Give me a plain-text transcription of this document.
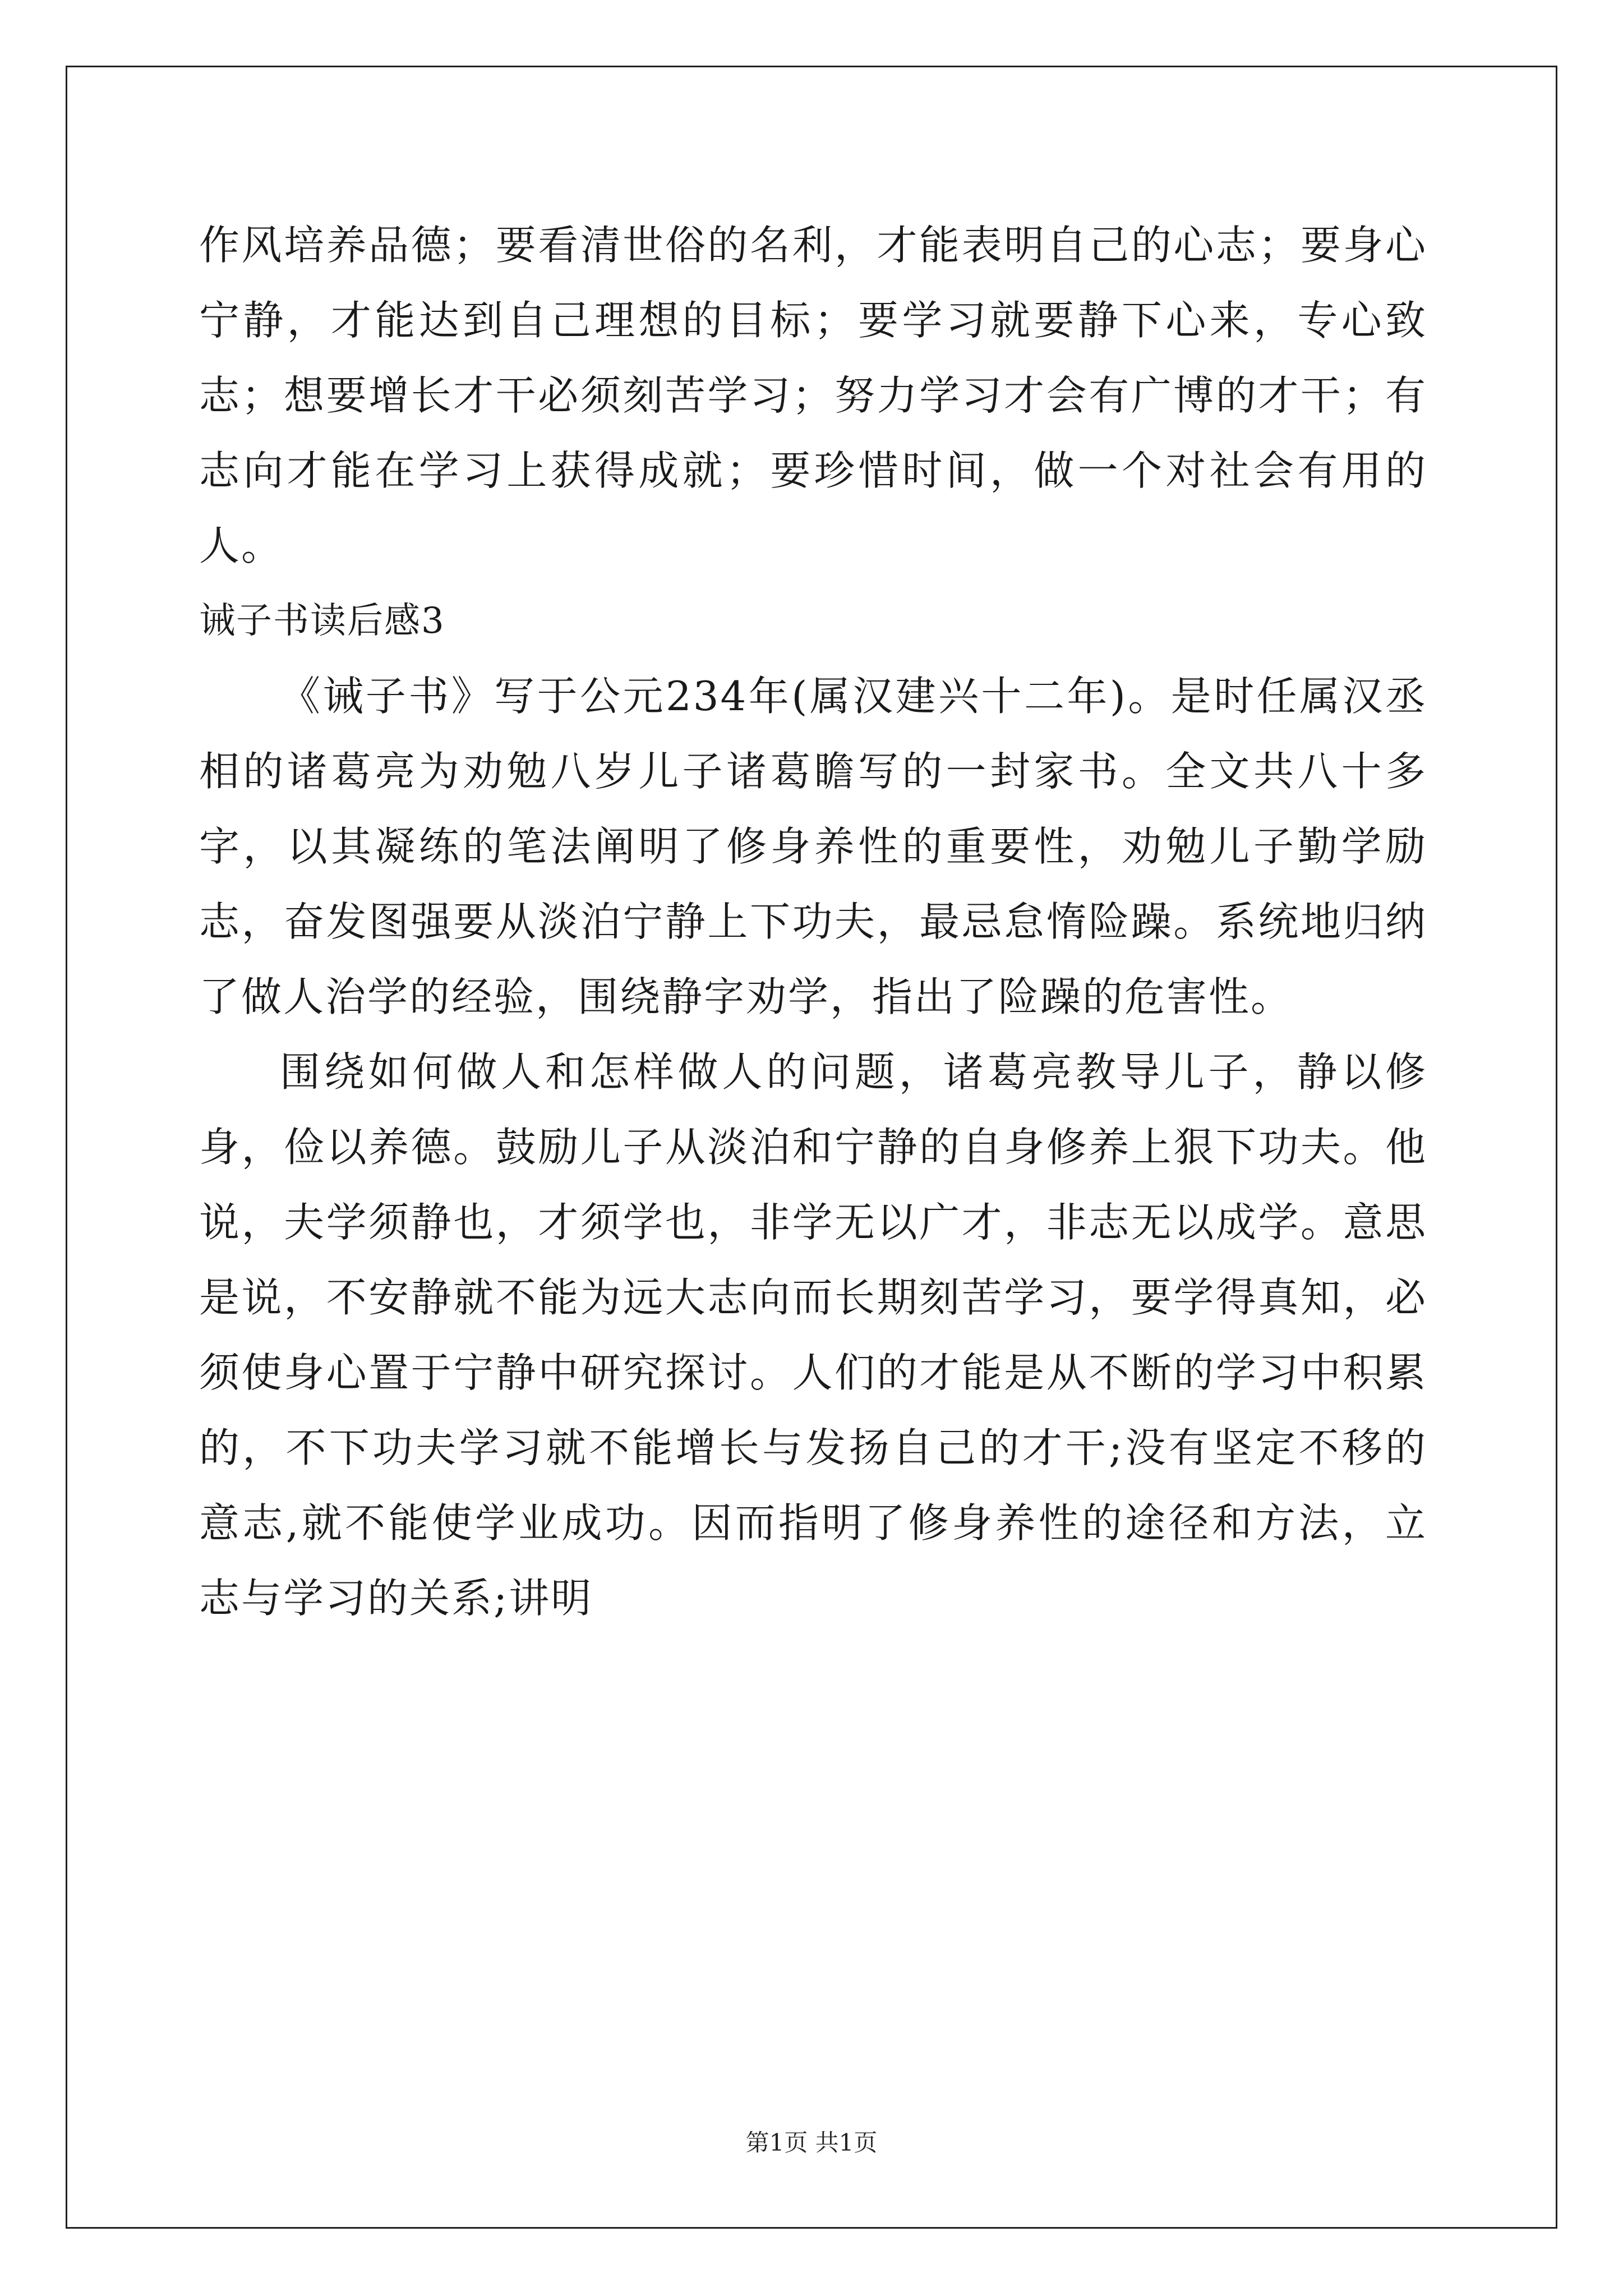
作风培养品德；要看清世俗的名利，才能表明自己的心志；要身心宁静，才能达到自己理想的目标；要学习就要静下心来，专心致志；想要增长才干必须刻苦学习；努力学习才会有广博的才干；有志向才能在学习上获得成就；要珍惜时间，做一个对社会有用的人。

诫子书读后感3

《诫子书》写于公元234年(属汉建兴十二年)。是时任属汉丞相的诸葛亮为劝勉八岁儿子诸葛瞻写的一封家书。全文共八十多字，以其凝练的笔法阐明了修身养性的重要性，劝勉儿子勤学励志，奋发图强要从淡泊宁静上下功夫，最忌怠惰险躁。系统地归纳了做人治学的经验，围绕静字劝学，指出了险躁的危害性。

围绕如何做人和怎样做人的问题，诸葛亮教导儿子，静以修身，俭以养德。鼓励儿子从淡泊和宁静的自身修养上狠下功夫。他说，夫学须静也，才须学也，非学无以广才，非志无以成学。意思是说，不安静就不能为远大志向而长期刻苦学习，要学得真知，必须使身心置于宁静中研究探讨。人们的才能是从不断的学习中积累的，不下功夫学习就不能增长与发扬自己的才干;没有坚定不移的意志,就不能使学业成功。因而指明了修身养性的途径和方法，立志与学习的关系;讲明

第1页 共1页
